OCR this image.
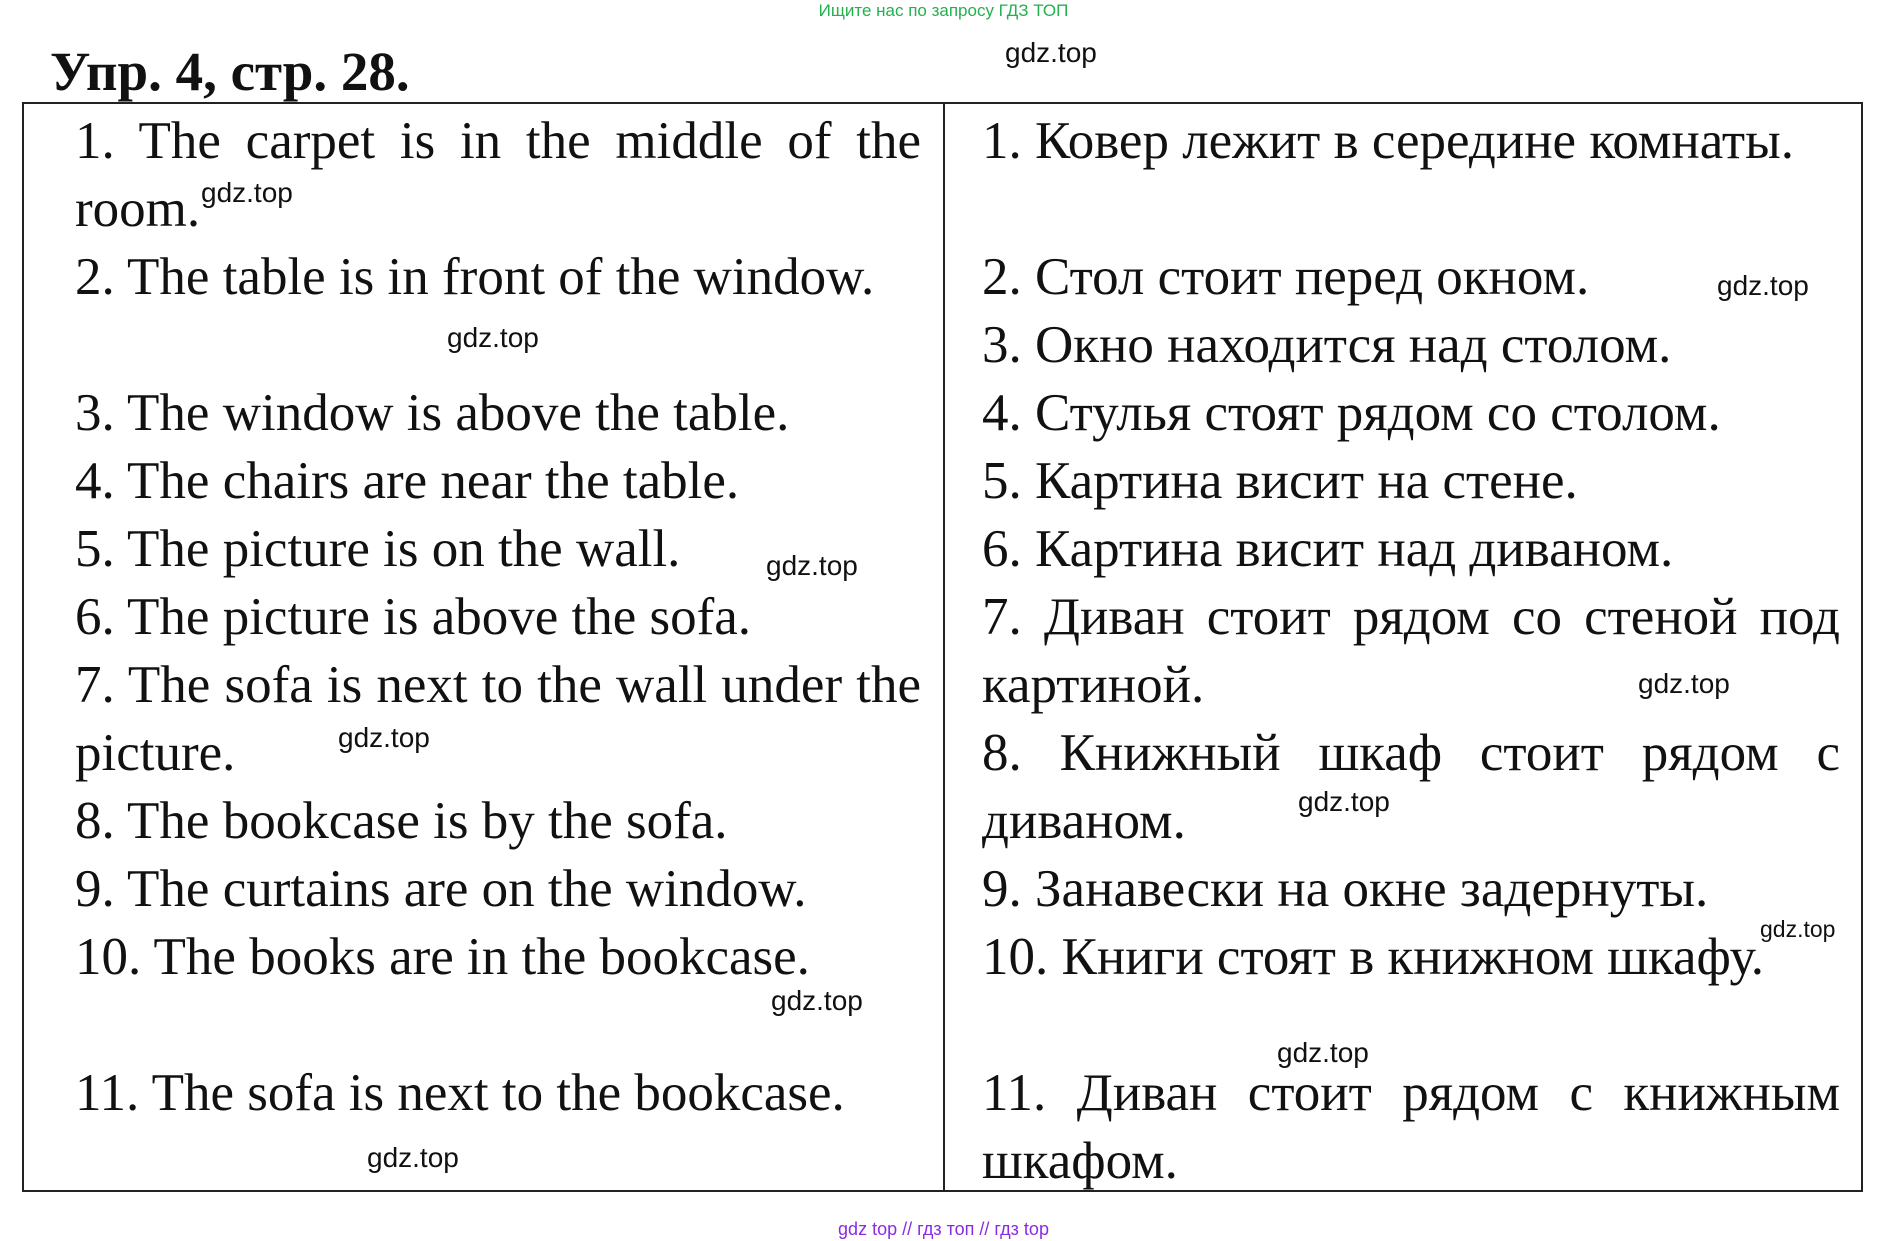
Ищите нас по запросу ГДЗ ТОП
Упр. 4, стр. 28.	gdz.top
1. The carpet is in the middle of the room.
2. The table is in front of the window.
3. The window is above the table.
4. The chairs are near the table.
5. The picture is on the wall.
6. The picture is above the sofa.
7. The sofa is next to the wall under the picture.
8. The bookcase is by the sofa.
9. The curtains are on the window.
10. The books are in the bookcase.
11. The sofa is next to the bookcase.
1. Ковер лежит в середине комнаты.
2. Стол стоит перед окном.
3. Окно находится над столом.
4. Стулья стоят рядом со столом.
5. Картина висит на стене.
6. Картина висит над диваном.
7. Диван стоит рядом со стеной под картиной.
8. Книжный шкаф стоит рядом с диваном.
9. Занавески на окне задернуты.
10. Книги стоят в книжном шкафу.
11. Диван стоит рядом с книжным шкафом.
gdz.top
gdz.top
gdz.top
gdz.top
gdz.top
gdz.top
gdz.top
gdz.top
gdz.top
gdz.top
gdz.top
gdz top // гдз топ // гдз top
